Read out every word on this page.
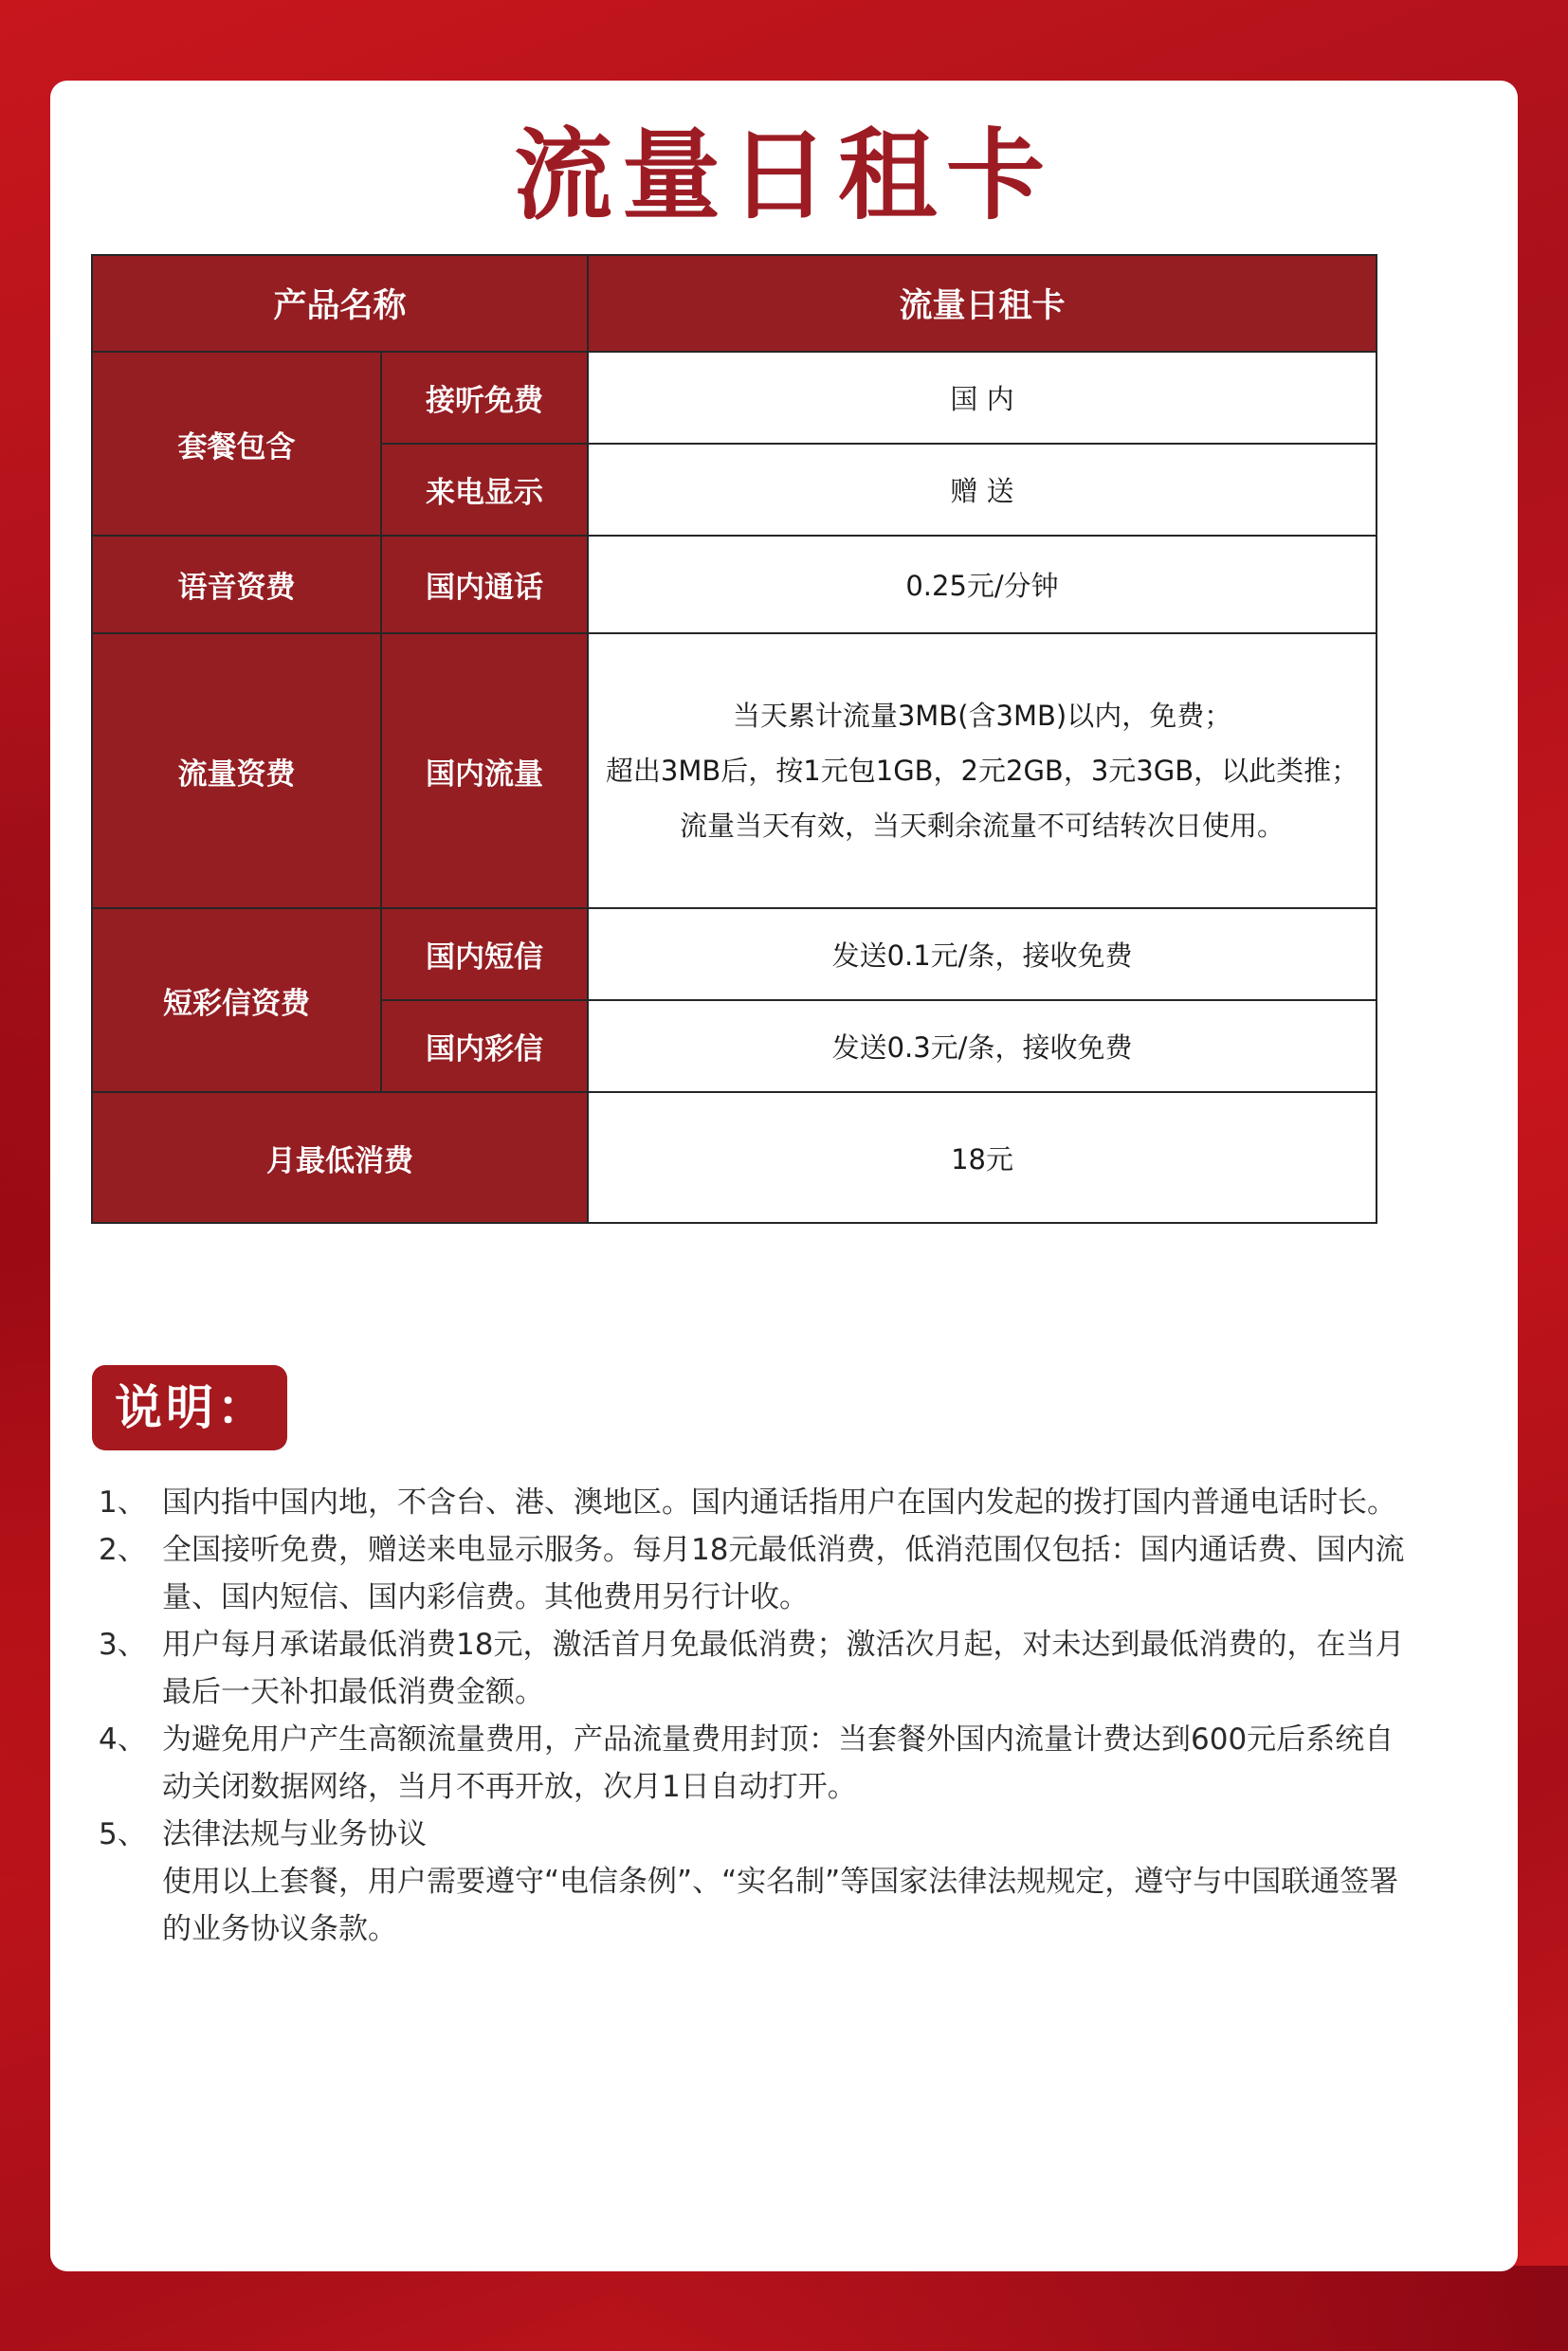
流量日租卡
产品名称		流量日租卡
套餐包含	接听免费	国 内
	来电显示	赠 送
语音资费	国内通话	0.25元/分钟
流量资费	国内流量	当天累计流量3MB(含3MB)以内，免费；
超出3MB后，按1元包1GB，2元2GB，3元3GB，以此类推；
流量当天有效，当天剩余流量不可结转次日使用。

短彩信资费	国内短信	发送0.1元/条，接收免费
	国内彩信	发送0.3元/条，接收免费
月最低消费		18元
说明：
1、 国内指中国内地，不含台、港、澳地区。国内通话指用户在国内发起的拨打国内普通电话时长。
2、 全国接听免费，赠送来电显示服务。每月18元最低消费，低消范围仅包括：国内通话费、国内流量、国内短信、国内彩信费。其他费用另行计收。
3、 用户每月承诺最低消费18元，激活首月免最低消费；激活次月起，对未达到最低消费的，在当月最后一天补扣最低消费金额。
4、 为避免用户产生高额流量费用，产品流量费用封顶：当套餐外国内流量计费达到600元后系统自动关闭数据网络，当月不再开放，次月1日自动打开。
5、 法律法规与业务协议
使用以上套餐，用户需要遵守“电信条例”、“实名制”等国家法律法规规定，遵守与中国联通签署的业务协议条款。
